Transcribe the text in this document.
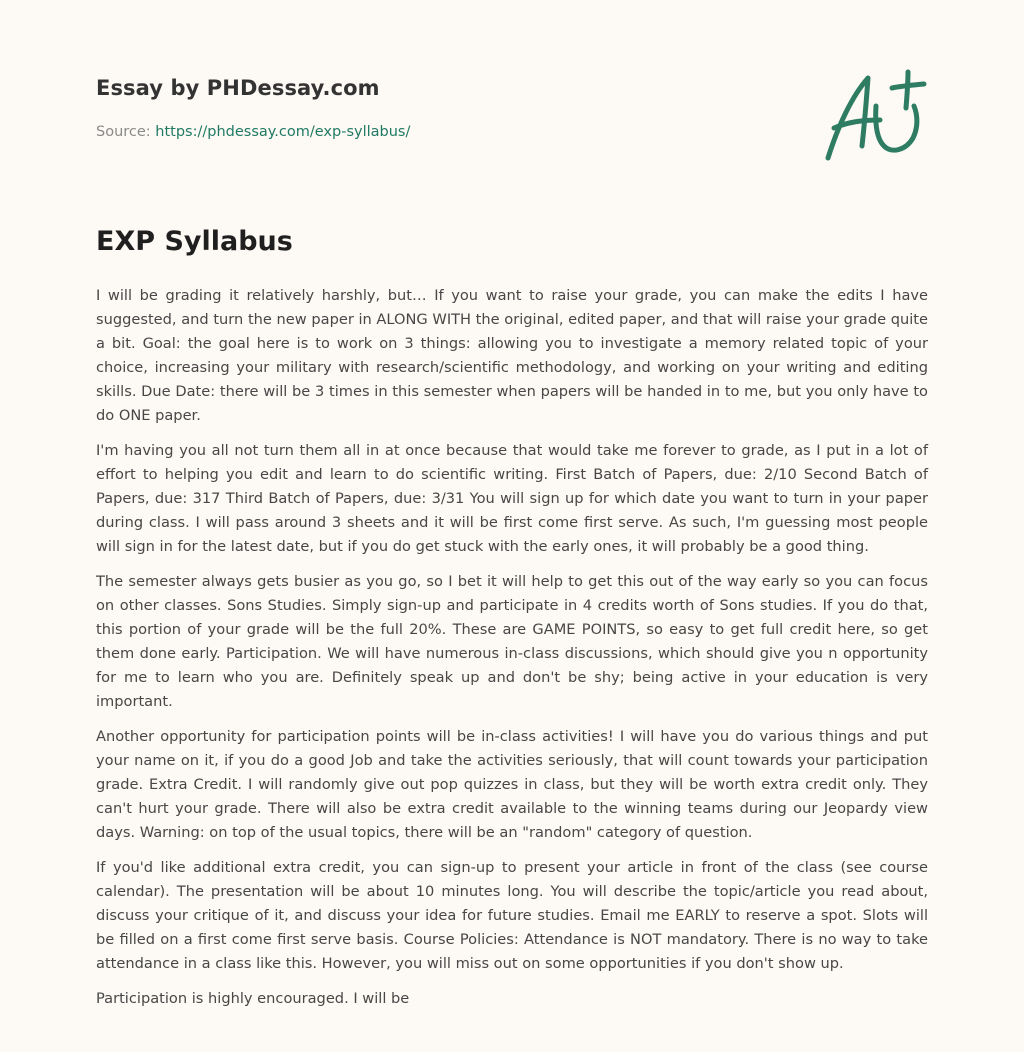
Essay by PHDessay.com
Source: https://phdessay.com/exp-syllabus/
EXP Syllabus

I will be grading it relatively harshly, but… If you want to raise your grade, you can make the edits I have suggested, and turn the new paper in ALONG WITH the original, edited paper, and that will raise your grade quite a bit. Goal: the goal here is to work on 3 things: allowing you to investigate a memory related topic of your choice, increasing your military with research/scientific methodology, and working on your writing and editing skills. Due Date: there will be 3 times in this semester when papers will be handed in to me, but you only have to do ONE paper.

I'm having you all not turn them all in at once because that would take me forever to grade, as I put in a lot of effort to helping you edit and learn to do scientific writing. First Batch of Papers, due: 2/10 Second Batch of Papers, due: 317 Third Batch of Papers, due: 3/31 You will sign up for which date you want to turn in your paper during class. I will pass around 3 sheets and it will be first come first serve. As such, I'm guessing most people will sign in for the latest date, but if you do get stuck with the early ones, it will probably be a good thing.

The semester always gets busier as you go, so I bet it will help to get this out of the way early so you can focus on other classes. Sons Studies. Simply sign-up and participate in 4 credits worth of Sons studies. If you do that, this portion of your grade will be the full 20%. These are GAME POINTS, so easy to get full credit here, so get them done early. Participation. We will have numerous in-class discussions, which should give you n opportunity for me to learn who you are. Definitely speak up and don't be shy; being active in your education is very important.

Another opportunity for participation points will be in-class activities! I will have you do various things and put your name on it, if you do a good Job and take the activities seriously, that will count towards your participation grade. Extra Credit. I will randomly give out pop quizzes in class, but they will be worth extra credit only. They can't hurt your grade. There will also be extra credit available to the winning teams during our Jeopardy view days. Warning: on top of the usual topics, there will be an "random" category of question.

If you'd like additional extra credit, you can sign-up to present your article in front of the class (see course calendar). The presentation will be about 10 minutes long. You will describe the topic/article you read about, discuss your critique of it, and discuss your idea for future studies. Email me EARLY to reserve a spot. Slots will be filled on a first come first serve basis. Course Policies: Attendance is NOT mandatory. There is no way to take attendance in a class like this. However, you will miss out on some opportunities if you don't show up.

Participation is highly encouraged. I will be
